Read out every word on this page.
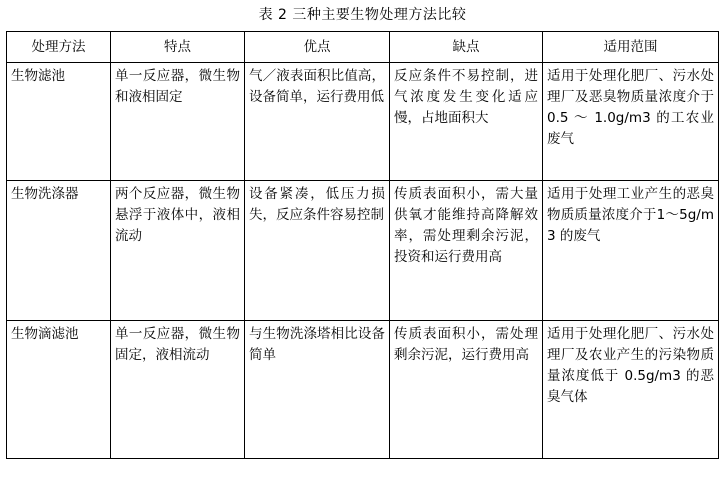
表 2 三种主要生物处理方法比较
处理方法	特点	优点	缺点	适用范围
生物滤池	单一反应器，微生物和液相固定	气／液表面积比值高，设备简单，运行费用低	反应条件不易控制，进气浓度发生变化适应慢，占地面积大	适用于处理化肥厂、污水处理厂及恶臭物质量浓度介于 0.5 ～ 1.0g/m3 的工农业废气
生物洗涤器	两个反应器，微生物悬浮于液体中，液相流动	设备紧凑，低压力损失，反应条件容易控制	传质表面积小，需大量供氧才能维持高降解效率，需处理剩余污泥，投资和运行费用高	适用于处理工业产生的恶臭物质质量浓度介于1～5g/m3 的废气
生物滴滤池	单一反应器，微生物固定，液相流动	与生物洗涤塔相比设备简单	传质表面积小，需处理剩余污泥，运行费用高	适用于处理化肥厂、污水处理厂及农业产生的污染物质量浓度低于 0.5g/m3 的恶臭气体
